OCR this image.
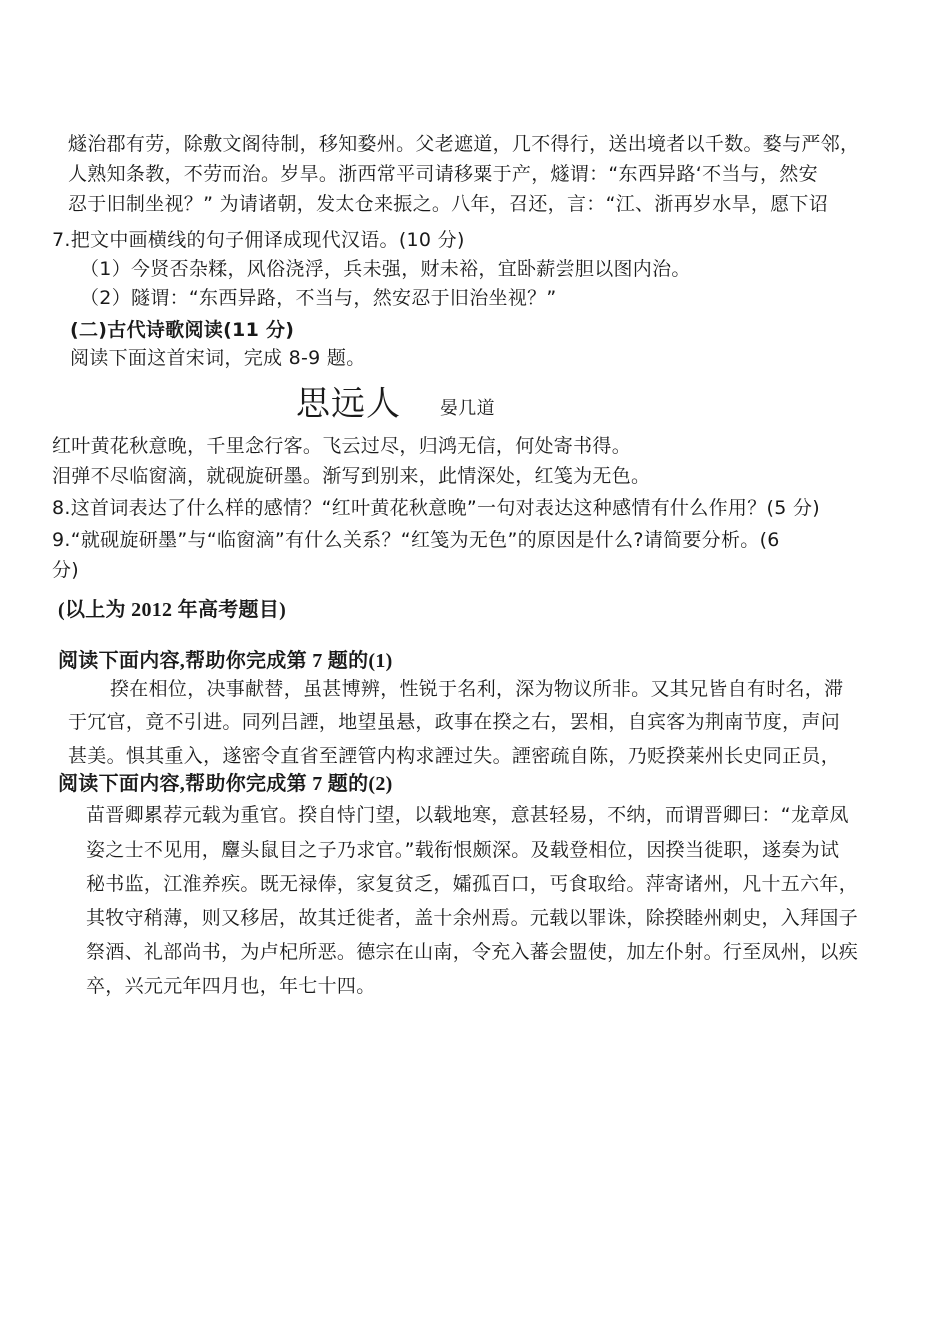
燧治郡有劳，除敷文阁待制，移知婺州。父老遮道，几不得行，送出境者以千数。婺与严邻，
人熟知条教，不劳而治。岁旱。浙西常平司请移粟于产，燧谓：“东西异路‘不当与，然安
忍于旧制坐视？” 为请诸朝，发太仓来振之。八年，召还，言：“江、浙再岁水旱，愿下诏
7.把文中画横线的句子佣译成现代汉语。(10 分)
（1）今贤否杂糅，风俗浇浮，兵未强，财未裕，宜卧薪尝胆以图内治。
（2）隧谓：“东西异路，不当与，然安忍于旧治坐视？”
(二)古代诗歌阅读(11 分)
阅读下面这首宋词，完成 8-9 题。
思远人 晏几道
红叶黄花秋意晚，千里念行客。飞云过尽，归鸿无信，何处寄书得。
泪弹不尽临窗滴，就砚旋研墨。渐写到别来，此情深处，红笺为无色。
8.这首词表达了什么样的感情？“红叶黄花秋意晚”一句对表达这种感情有什么作用？(5 分)
9.“就砚旋研墨”与“临窗滴”有什么关系？“红笺为无色”的原因是什么?请简要分析。(6
分)
(以上为 2012 年高考题目)
阅读下面内容,帮助你完成第 7 题的(1)
揆在相位，决事献替，虽甚博辨，性锐于名利，深为物议所非。又其兄皆自有时名，滞
于冗官，竟不引进。同列吕諲，地望虽悬，政事在揆之右，罢相，自宾客为荆南节度，声问
甚美。惧其重入，遂密令直省至諲管内构求諲过失。諲密疏自陈，乃贬揆莱州长史同正员，
阅读下面内容,帮助你完成第 7 题的(2)
苗晋卿累荐元载为重官。揆自恃门望，以载地寒，意甚轻易，不纳，而谓晋卿曰：“龙章凤
姿之士不见用，麞头鼠目之子乃求官。”载衔恨颇深。及载登相位，因揆当徙职，遂奏为试
秘书监，江淮养疾。既无禄俸，家复贫乏，孀孤百口，丐食取给。萍寄诸州，凡十五六年，
其牧守稍薄，则又移居，故其迁徙者，盖十余州焉。元载以罪诛，除揆睦州刺史，入拜国子
祭酒、礼部尚书，为卢杞所恶。德宗在山南，令充入蕃会盟使，加左仆射。行至凤州，以疾
卒，兴元元年四月也，年七十四。
